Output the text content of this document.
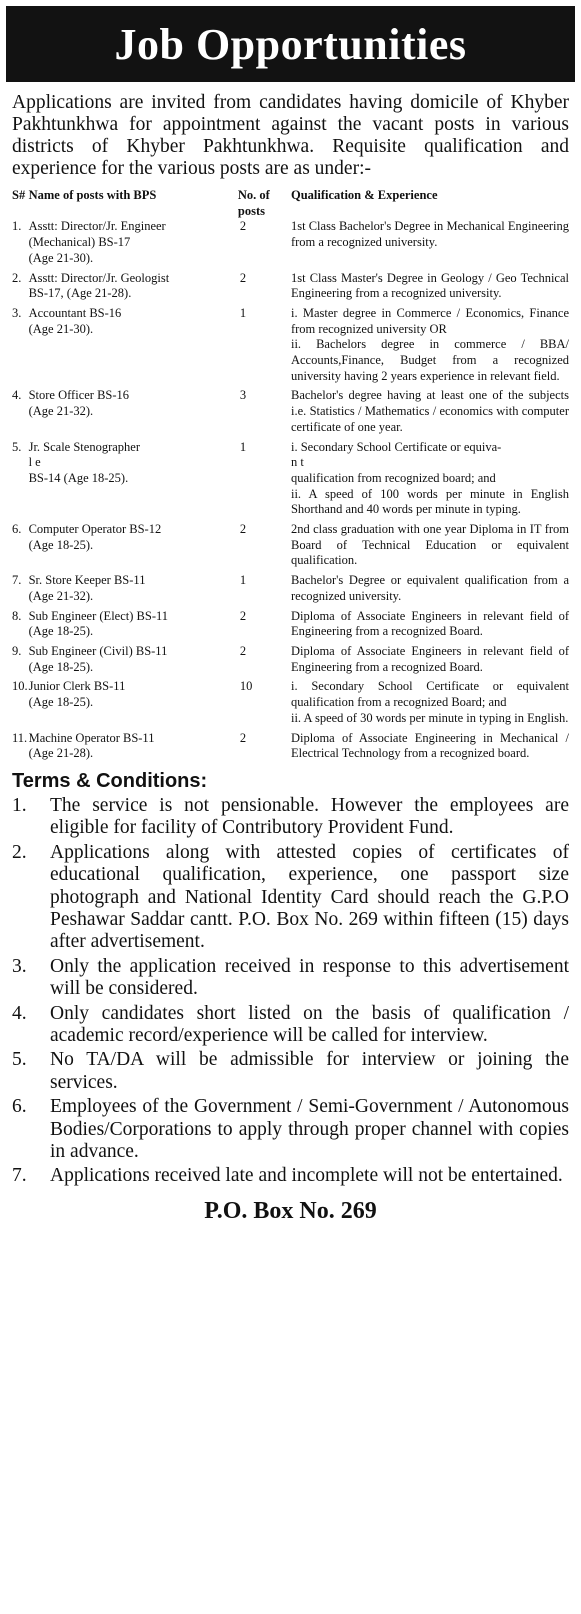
Job Opportunities

Applications are invited from candidates having domicile of Khyber Pakhtunkhwa for appointment against the vacant posts in various districts of Khyber Pakhtunkhwa. Requisite qualification and experience for the various posts are as under:-

S#	Name of posts with BPS	No. of posts	Qualification & Experience

1.	Asstt: Director/Jr. Engineer
(Mechanical) BS-17
(Age 21-30).	2	1st Class Bachelor's Degree in Mechanical Engineering from a recognized university.

2.	Asstt: Director/Jr. Geologist
BS-17, (Age 21-28).	2	1st Class Master's Degree in Geology / Geo Technical Engineering from a recognized university.

3.	Accountant BS-16
(Age 21-30).	1	i. Master degree in Commerce / Economics, Finance from recognized university OR
ii. Bachelors degree in commerce / BBA/ Accounts,Finance, Budget from a recognized university having 2 years experience in relevant field.

4.	Store Officer BS-16
(Age 21-32).	3	Bachelor's degree having at least one of the subjects i.e. Statistics / Mathematics / economics with computer certificate of one year.

5.	Jr. Scale Stenographer
l e
BS-14 (Age 18-25).	1	i. Secondary School Certificate or equiva-
n t
qualification from recognized board; and
ii. A speed of 100 words per minute in English Shorthand and 40 words per minute in typing.

6.	Computer Operator BS-12
(Age 18-25).	2	2nd class graduation with one year Diploma in IT from Board of Technical Education or equivalent qualification.

7.	Sr. Store Keeper BS-11
(Age 21-32).	1	Bachelor's Degree or equivalent qualification from a recognized university.

8.	Sub Engineer (Elect) BS-11
(Age 18-25).	2	Diploma of Associate Engineers in relevant field of Engineering from a recognized Board.

9.	Sub Engineer (Civil) BS-11
(Age 18-25).	2	Diploma of Associate Engineers in relevant field of Engineering from a recognized Board.

10.	Junior Clerk BS-11
(Age 18-25).	10	i. Secondary School Certificate or equivalent qualification from a recognized Board; and
ii. A speed of 30 words per minute in typing in English.

11.	Machine Operator BS-11
(Age 21-28).	2	Diploma of Associate Engineering in Mechanical / Electrical Technology from a recognized board.
Terms & Conditions:
1.	The service is not pensionable. However the employees are eligible for facility of Contributory Provident Fund.
2.	Applications along with attested copies of certificates of educational qualification, experience, one passport size photograph and National Identity Card should reach the G.P.O Peshawar Saddar cantt. P.O. Box No. 269 within fifteen (15) days after advertisement.
3.	Only the application received in response to this advertisement will be considered.
4.	Only candidates short listed on the basis of qualification / academic record/experience will be called for interview.
5.	No TA/DA will be admissible for interview or joining the services.
6.	Employees of the Government / Semi-Government / Autonomous Bodies/Corporations to apply through proper channel with copies in advance.
7.	Applications received late and incomplete will not be entertained.
P.O. Box No. 269
